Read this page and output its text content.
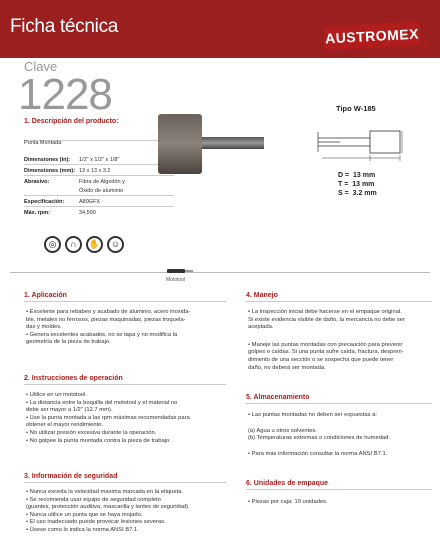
Ficha técnica	AUSTROMEX ®
Clave
1228
1. Descripción del producto:
Punta Montada
Dimensiones (in): 1/2" x 1/2" x 1/8"
Dimensiones (mm): 13 x 13 x 3.2
Abrasivo:	Fibra de Algodón y
Óxido de aluminio
Especificación:	A80GFX
Máx. rpm:	34,500
◎	∩	✋	☺
Tipo W-185
D =  13 mm
T =  13 mm
S =  3.2 mm
Mototool
1. Aplicación
• Excelente para rebabeo y acabado de aluminio, acero inoxida-
ble, metales no ferrosos, piezas maquinadas, piezas troquela-
das y moldes.
• Genera excelentes acabados, no se tapa y no modifica la
geometría de la pieza de trabajo.
2. Instrucciones de operación
• Utilice en un mototool.
• La distancia entre la boquilla del mototool y el material no
debe ser mayor a 1/2" (12.7 mm).
• Use la punta montada a las rpm máximas recomendadas para
obtener el mayor rendimiento.
• No utilizar presión excesiva durante la operación.
• No golpee la punta montada contra la pieza de trabajo.
3. Información de seguridad
• Nunca exceda la velocidad maxima marcada en la etiqueta.
• Se recomienda usar equipo de seguridad completo
(guantes, protección auditiva, mascarilla y lentes de seguridad).
• Nunca utilice un punta que se haya mojado.
• El uso inadecuado puede provocar lesiones severas.
• Úsese como lo indica la norma ANSI B7.1
4. Manejo
• La inspección inicial debe hacerse en el empaque original.
Si existe evidencia visible de daño, la mercancía no debe ser
aceptada.
• Maneje las puntas montadas con precaución para prevenir
golpes o caídas. Si una punta sufre caída, fractura, despren-
dimiento de una sección o se sospecha que puede tener
daño, no deberá ser montada.
5. Almacenamiento
• Las puntas montadas no deben ser expuestas a:
(a) Agua u otros solventes.
(b) Temperaturas extremas o condiciones de humedad.
• Para más información consultar la norma ANSI B7.1.
6. Unidades de empaque
• Piezas por caja: 10 unidades.
